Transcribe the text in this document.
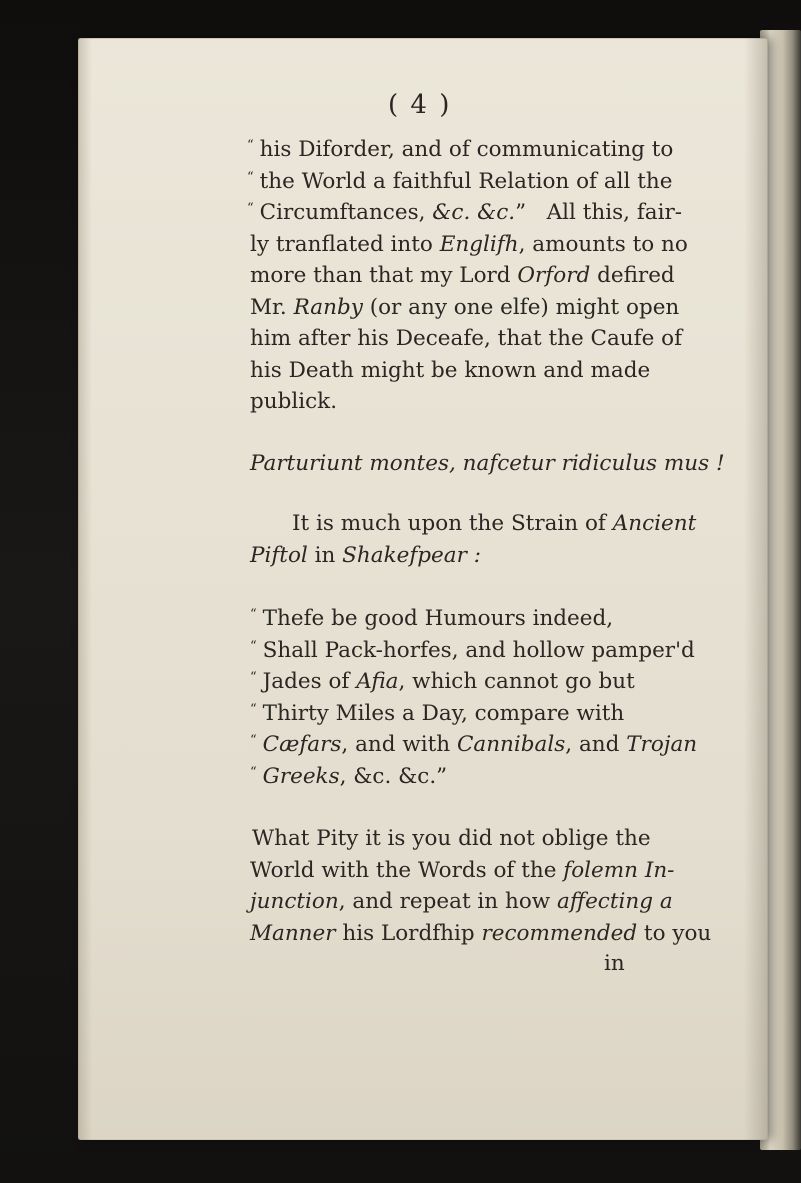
( 4 )
“ his Diforder, and of communicating to
“ the World a faithful Relation of all the
“ Circumftances, &c. &c.”   All this, fair-
ly tranflated into Englifh, amounts to no
more than that my Lord Orford defired
Mr. Ranby (or any one elfe) might open
him after his Deceafe, that the Caufe of
his Death might be known and made
publick.
Parturiunt montes, nafcetur ridiculus mus !
It is much upon the Strain of Ancient
Piftol in Shakefpear :
“ Thefe be good Humours indeed,
“ Shall Pack-horfes, and hollow pamper'd
“ Jades of Afia, which cannot go but
“ Thirty Miles a Day, compare with
“ Cæfars, and with Cannibals, and Trojan
“ Greeks, &c. &c.”
What Pity it is you did not oblige the
World with the Words of the folemn In-
junction, and repeat in how affecting a
Manner his Lordfhip recommended to you
in
